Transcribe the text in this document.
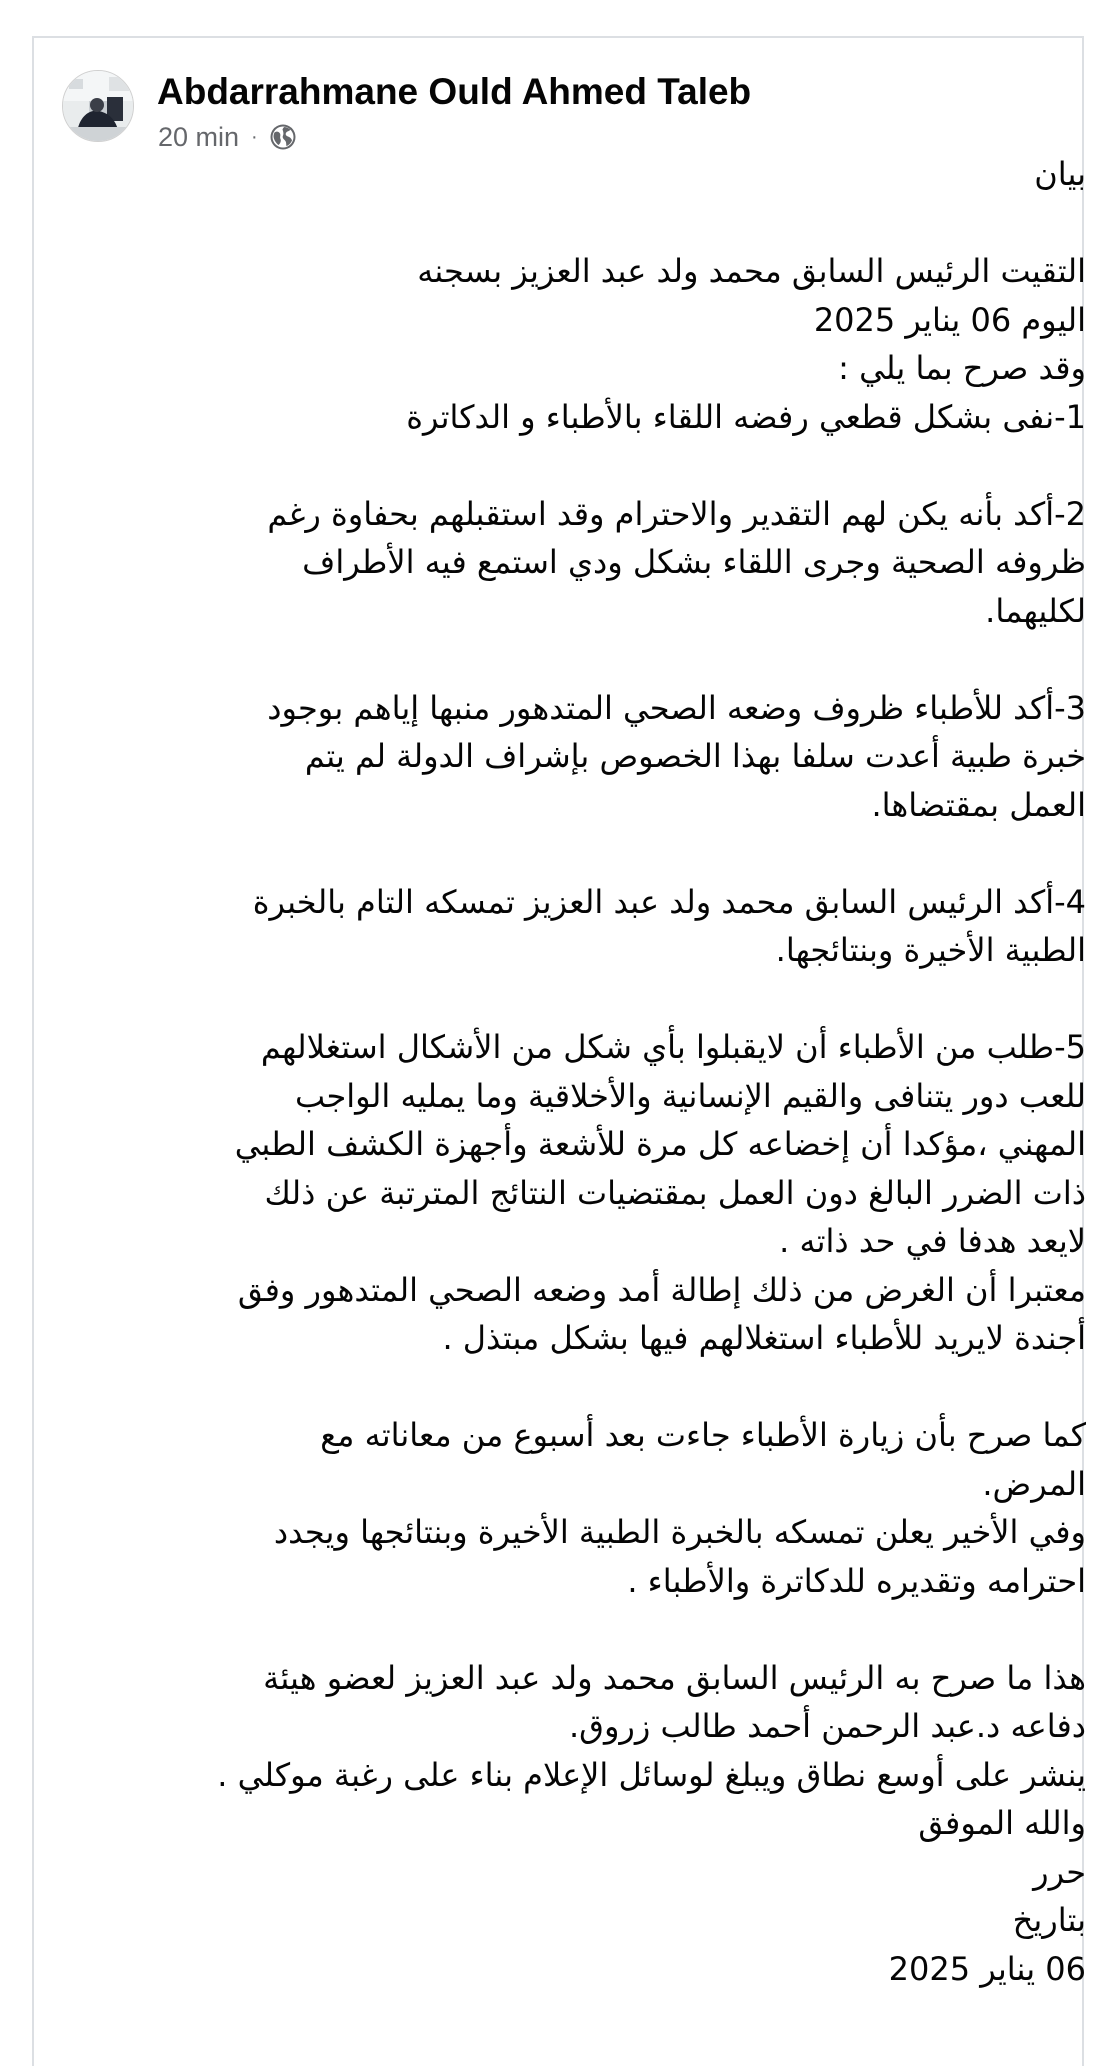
Abdarrahmane Ould Ahmed Taleb
20 min ·
بيان
التقيت الرئيس السابق محمد ولد عبد العزيز بسجنه
اليوم 06 يناير 2025
وقد صرح بما يلي :
1-نفى بشكل قطعي رفضه اللقاء بالأطباء و الدكاترة
2-أكد بأنه يكن لهم التقدير والاحترام وقد استقبلهم بحفاوة رغم
ظروفه الصحية وجرى اللقاء بشكل ودي استمع فيه الأطراف
لكليهما.
3-أكد للأطباء ظروف وضعه الصحي المتدهور منبها إياهم بوجود
خبرة طبية أعدت سلفا بهذا الخصوص بإشراف الدولة لم يتم
العمل بمقتضاها.
4-أكد الرئيس السابق محمد ولد عبد العزيز تمسكه التام بالخبرة
الطبية الأخيرة وبنتائجها.
5-طلب من الأطباء أن لايقبلوا بأي شكل من الأشكال استغلالهم
للعب دور يتنافى والقيم الإنسانية والأخلاقية وما يمليه الواجب
المهني ،مؤكدا أن إخضاعه كل مرة للأشعة وأجهزة الكشف الطبي
ذات الضرر البالغ دون العمل بمقتضيات النتائج المترتبة عن ذلك
لايعد هدفا في حد ذاته .
معتبرا أن الغرض من ذلك إطالة أمد وضعه الصحي المتدهور وفق
أجندة لايريد للأطباء استغلالهم فيها بشكل مبتذل .
كما صرح بأن زيارة الأطباء جاءت بعد أسبوع من معاناته مع
المرض.
وفي الأخير يعلن تمسكه بالخبرة الطبية الأخيرة وبنتائجها ويجدد
احترامه وتقديره للدكاترة والأطباء .
هذا ما صرح به الرئيس السابق محمد ولد عبد العزيز لعضو هيئة
دفاعه د.عبد الرحمن أحمد طالب زروق.
ينشر على أوسع نطاق ويبلغ لوسائل الإعلام بناء على رغبة موكلي .
والله الموفق
حرر
بتاريخ
06 يناير 2025
